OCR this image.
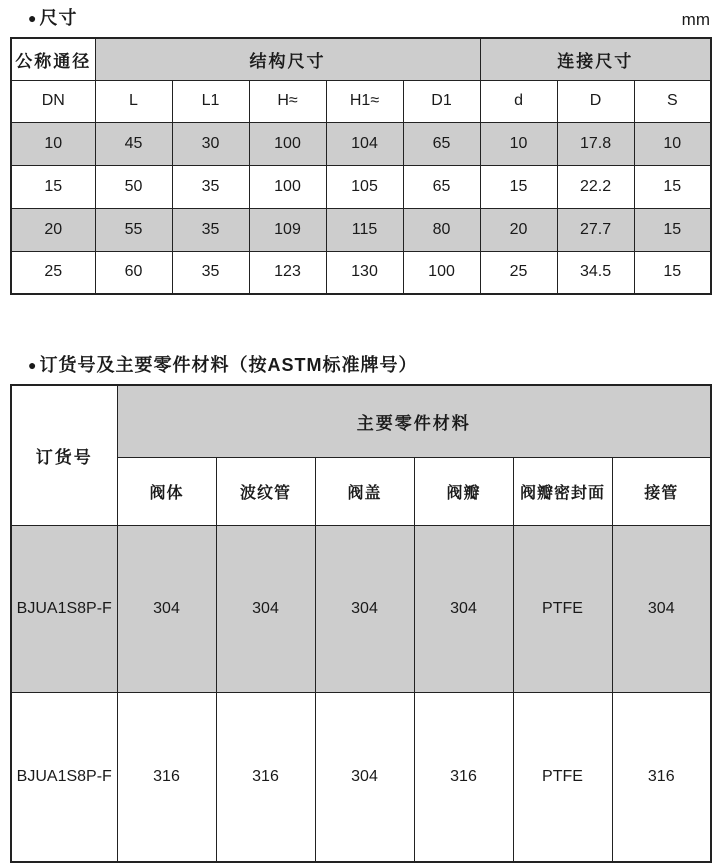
● 尺寸	mm
公称通径	结构尺寸					连接尺寸		
DN	L	L1	H≈	H1≈	D1	d	D	S
10	45	30	100	104	65	10	17.8	10
15	50	35	100	105	65	15	22.2	15
20	55	35	109	115	80	20	27.7	15
25	60	35	123	130	100	25	34.5	15
● 订货号及主要零件材料（按ASTM标准牌号）
订货号	主要零件材料					
	阀体	波纹管	阀盖	阀瓣	阀瓣密封面	接管
BJUA1S8P-F	304	304	304	304	PTFE	304
BJUA1S8P-F	316	316	304	316	PTFE	316
